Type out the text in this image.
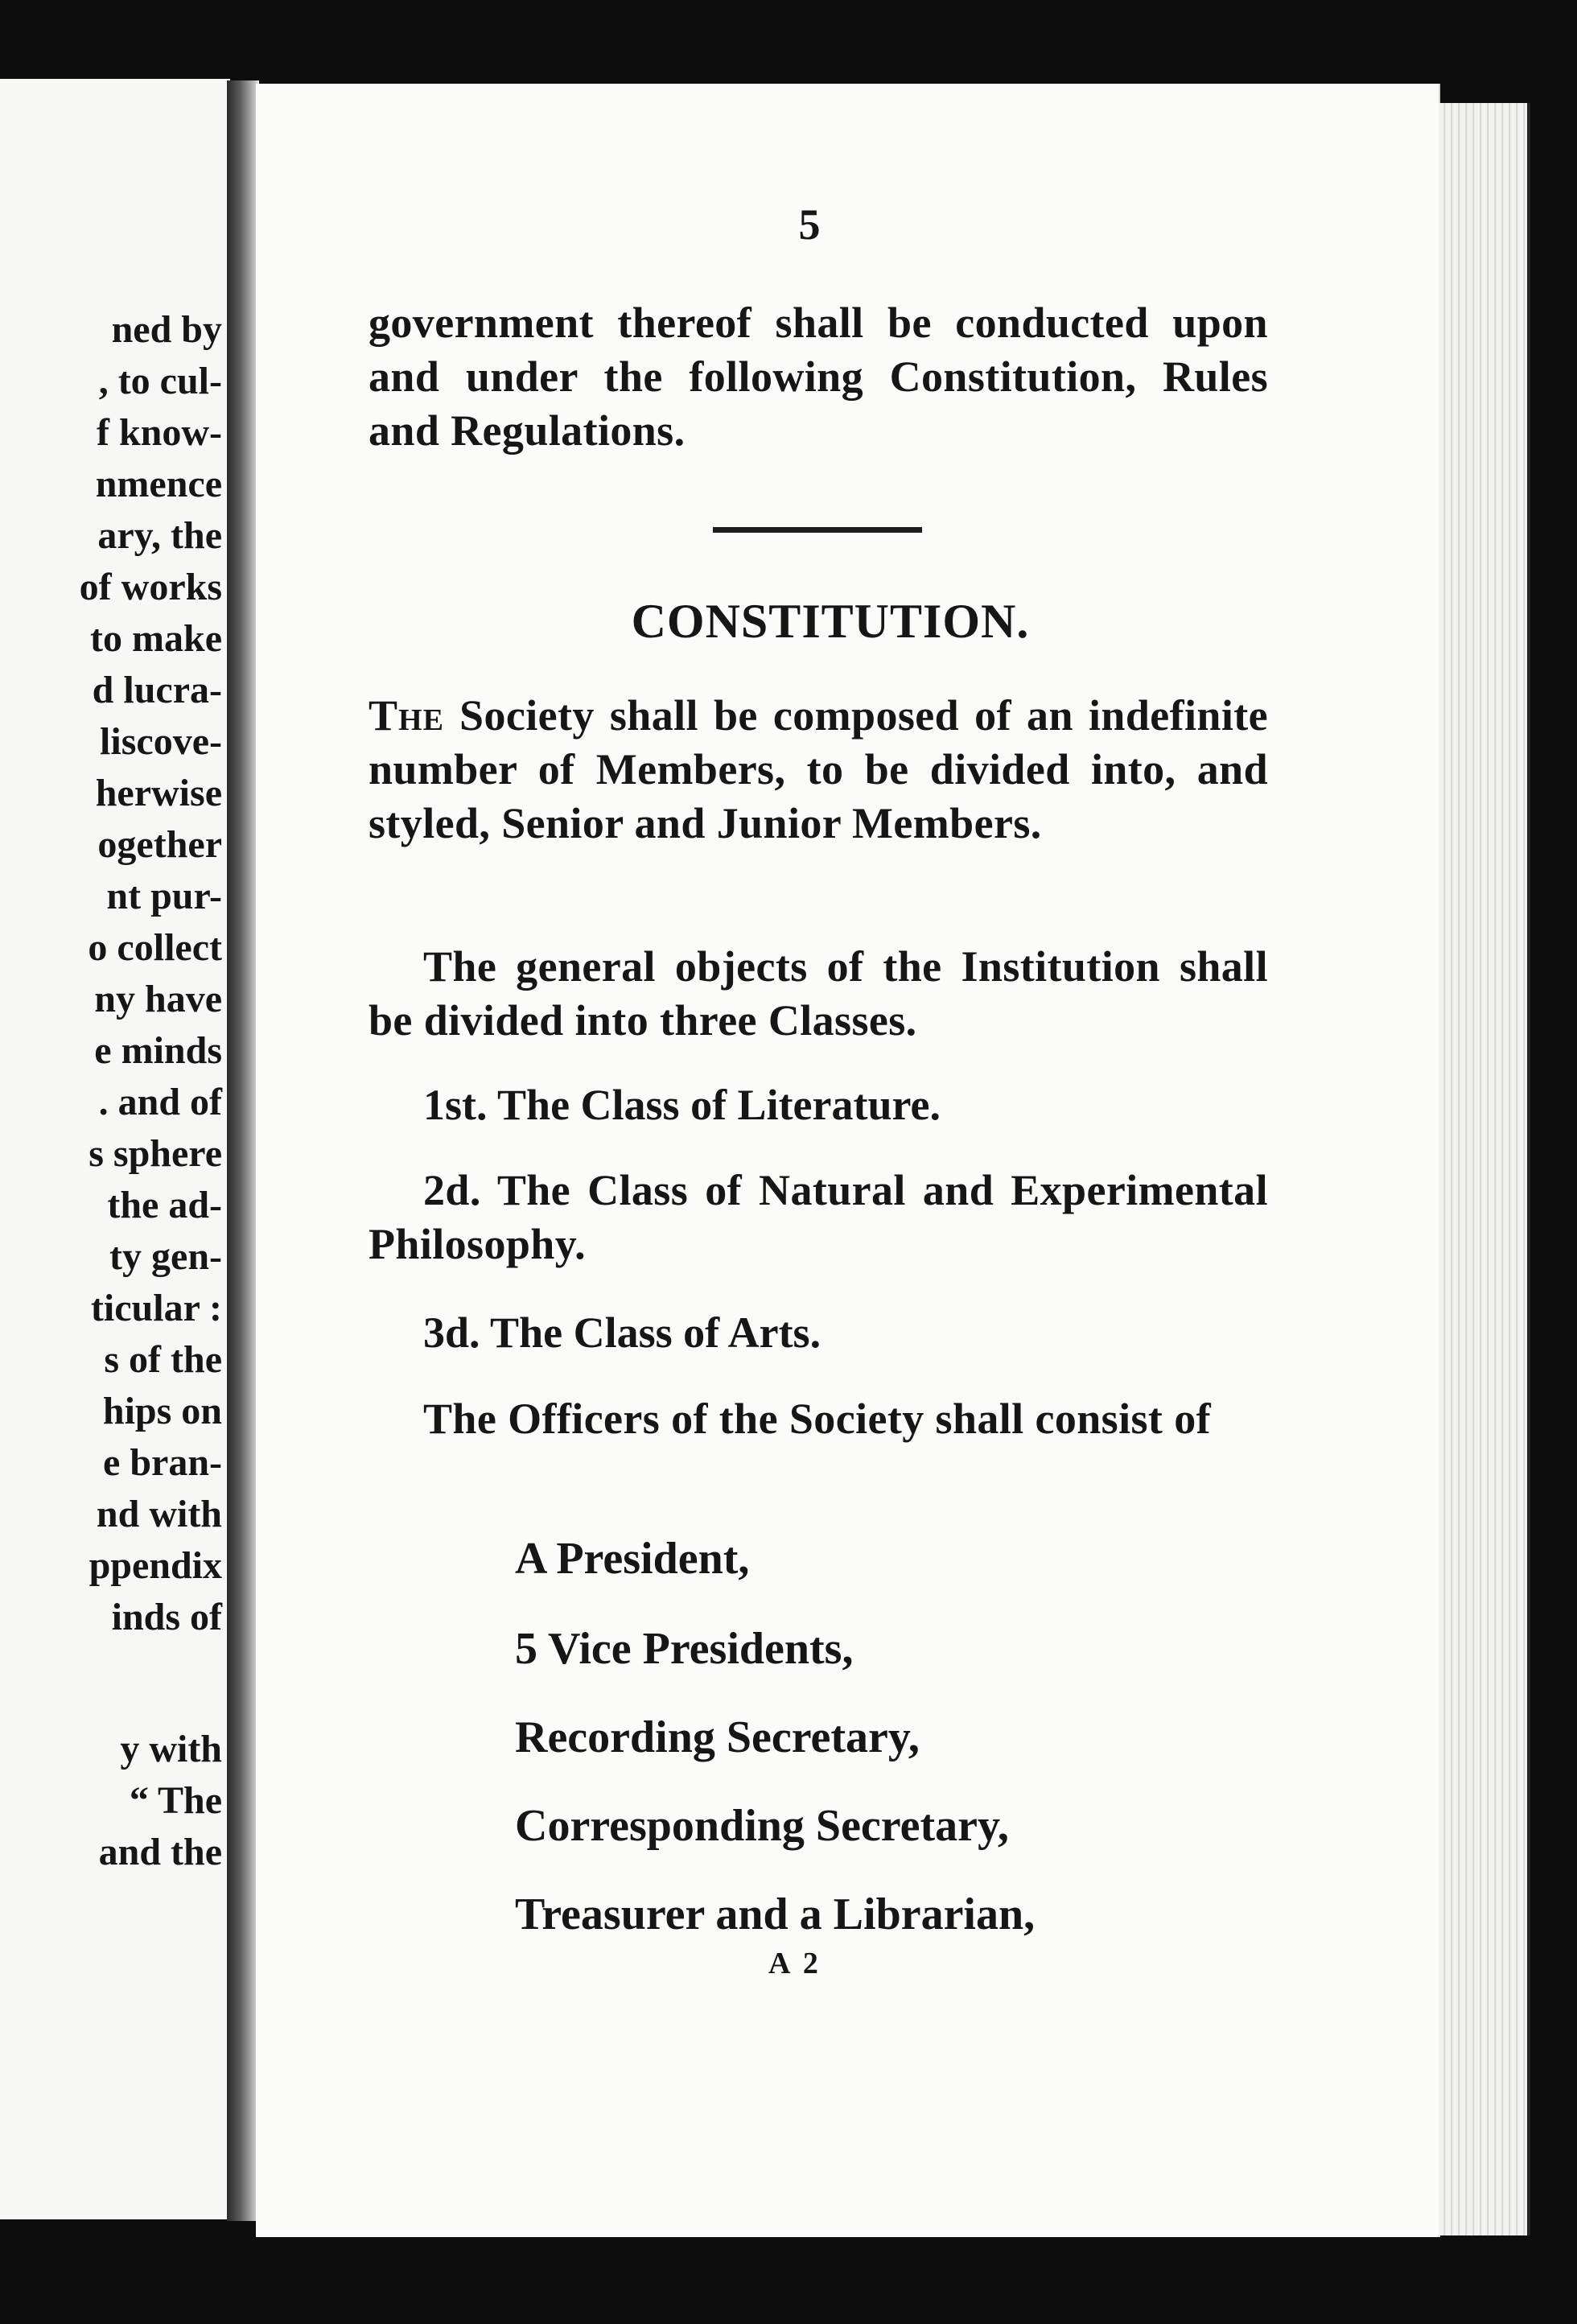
ned by
, to cul-
f know-
nmence
ary, the
of works
to make
d lucra-
liscove-
herwise
ogether
nt pur-
o collect
ny have
e minds
. and of
s sphere
the ad-
ty gen-
ticular :
s of the
hips on
e bran-
nd with
ppendix
inds of
y with
“ The
and the
5
government thereof shall be conducted upon and under the following Constitution, Rules and Regulations.
CONSTITUTION.
The Society shall be composed of an indefinite number of Members, to be divided into, and styled, Senior and Junior Members.
The general objects of the Institution shall be divided into three Classes.
1st. The Class of Literature.
2d. The Class of Natural and Experimental Philosophy.
3d. The Class of Arts.
The Officers of the Society shall consist of
A President,
5 Vice Presidents,
Recording Secretary,
Corresponding Secretary,
Treasurer and a Librarian,
A 2
